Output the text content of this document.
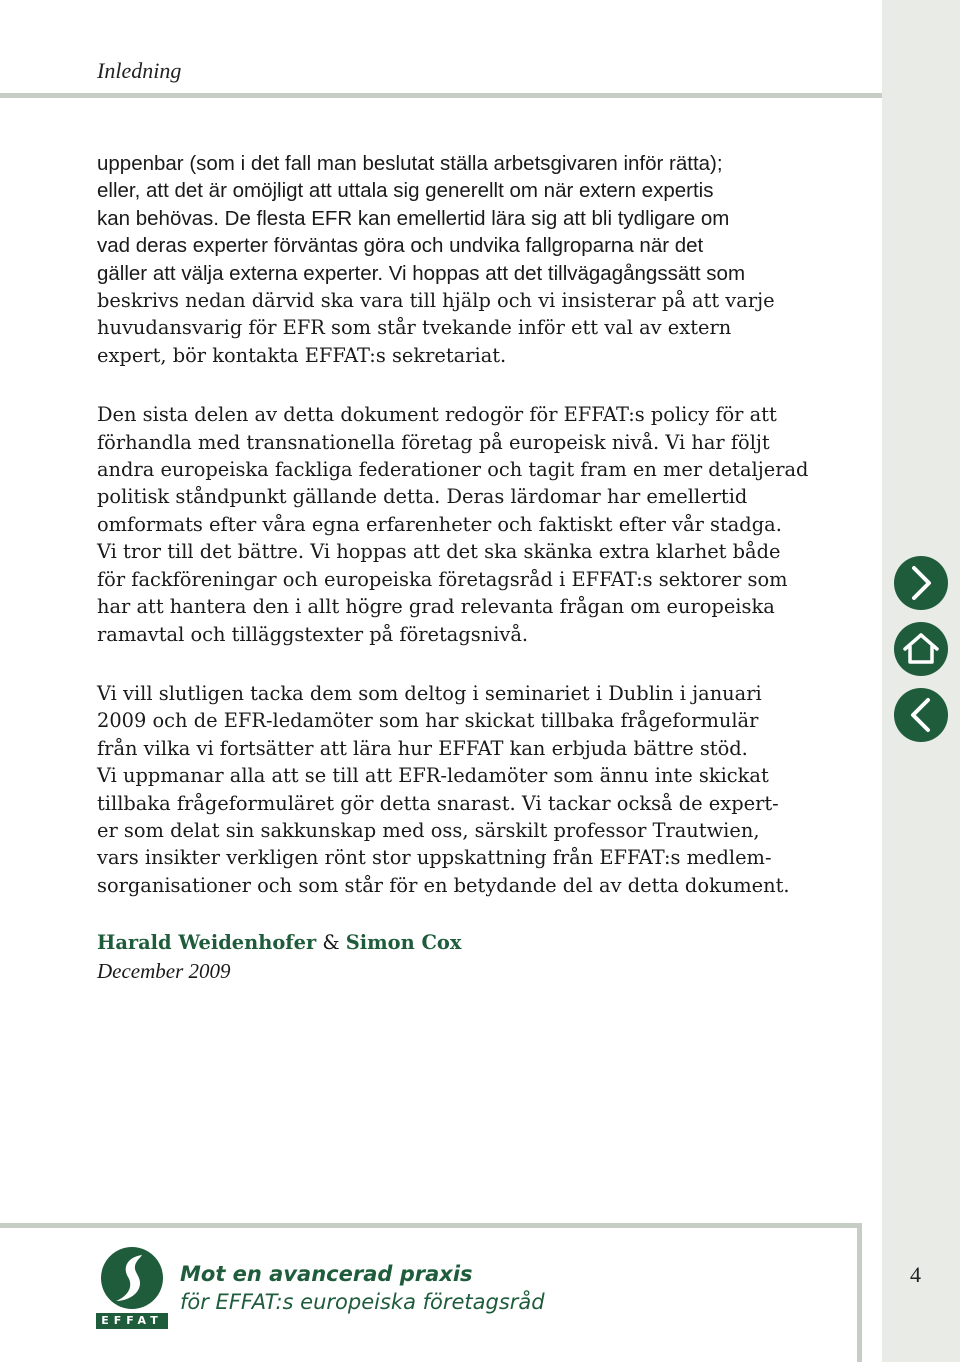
Inledning

uppenbar (som i det fall man beslutat ställa arbetsgivaren inför rätta);
eller, att det är omöjligt att uttala sig generellt om när extern expertis
kan behövas. De flesta EFR kan emellertid lära sig att bli tydligare om
vad deras experter förväntas göra och undvika fallgroparna när det
gäller att välja externa experter. Vi hoppas att det tillvägagångssätt som
beskrivs nedan därvid ska vara till hjälp och vi insisterar på att varje
huvudansvarig för EFR som står tvekande inför ett val av extern
expert, bör kontakta EFFAT:s sekretariat.

Den sista delen av detta dokument redogör för EFFAT:s policy för att
förhandla med transnationella företag på europeisk nivå. Vi har följt
andra europeiska fackliga federationer och tagit fram en mer detaljerad
politisk ståndpunkt gällande detta. Deras lärdomar har emellertid
omformats efter våra egna erfarenheter och faktiskt efter vår stadga.
Vi tror till det bättre. Vi hoppas att det ska skänka extra klarhet både
för fackföreningar och europeiska företagsråd i EFFAT:s sektorer som
har att hantera den i allt högre grad relevanta frågan om europeiska
ramavtal och tilläggstexter på företagsnivå.

Vi vill slutligen tacka dem som deltog i seminariet i Dublin i januari
2009 och de EFR-ledamöter som har skickat tillbaka frågeformulär
från vilka vi fortsätter att lära hur EFFAT kan erbjuda bättre stöd.
Vi uppmanar alla att se till att EFR-ledamöter som ännu inte skickat
tillbaka frågeformuläret gör detta snarast. Vi tackar också de expert-
er som delat sin sakkunskap med oss, särskilt professor Trautwien,
vars insikter verkligen rönt stor uppskattning från EFFAT:s medlem-
sorganisationer och som står för en betydande del av detta dokument.

Harald Weidenhofer & Simon Cox
December 2009
EFFAT
Mot en avancerad praxis
för EFFAT:s europeiska företagsråd
4
